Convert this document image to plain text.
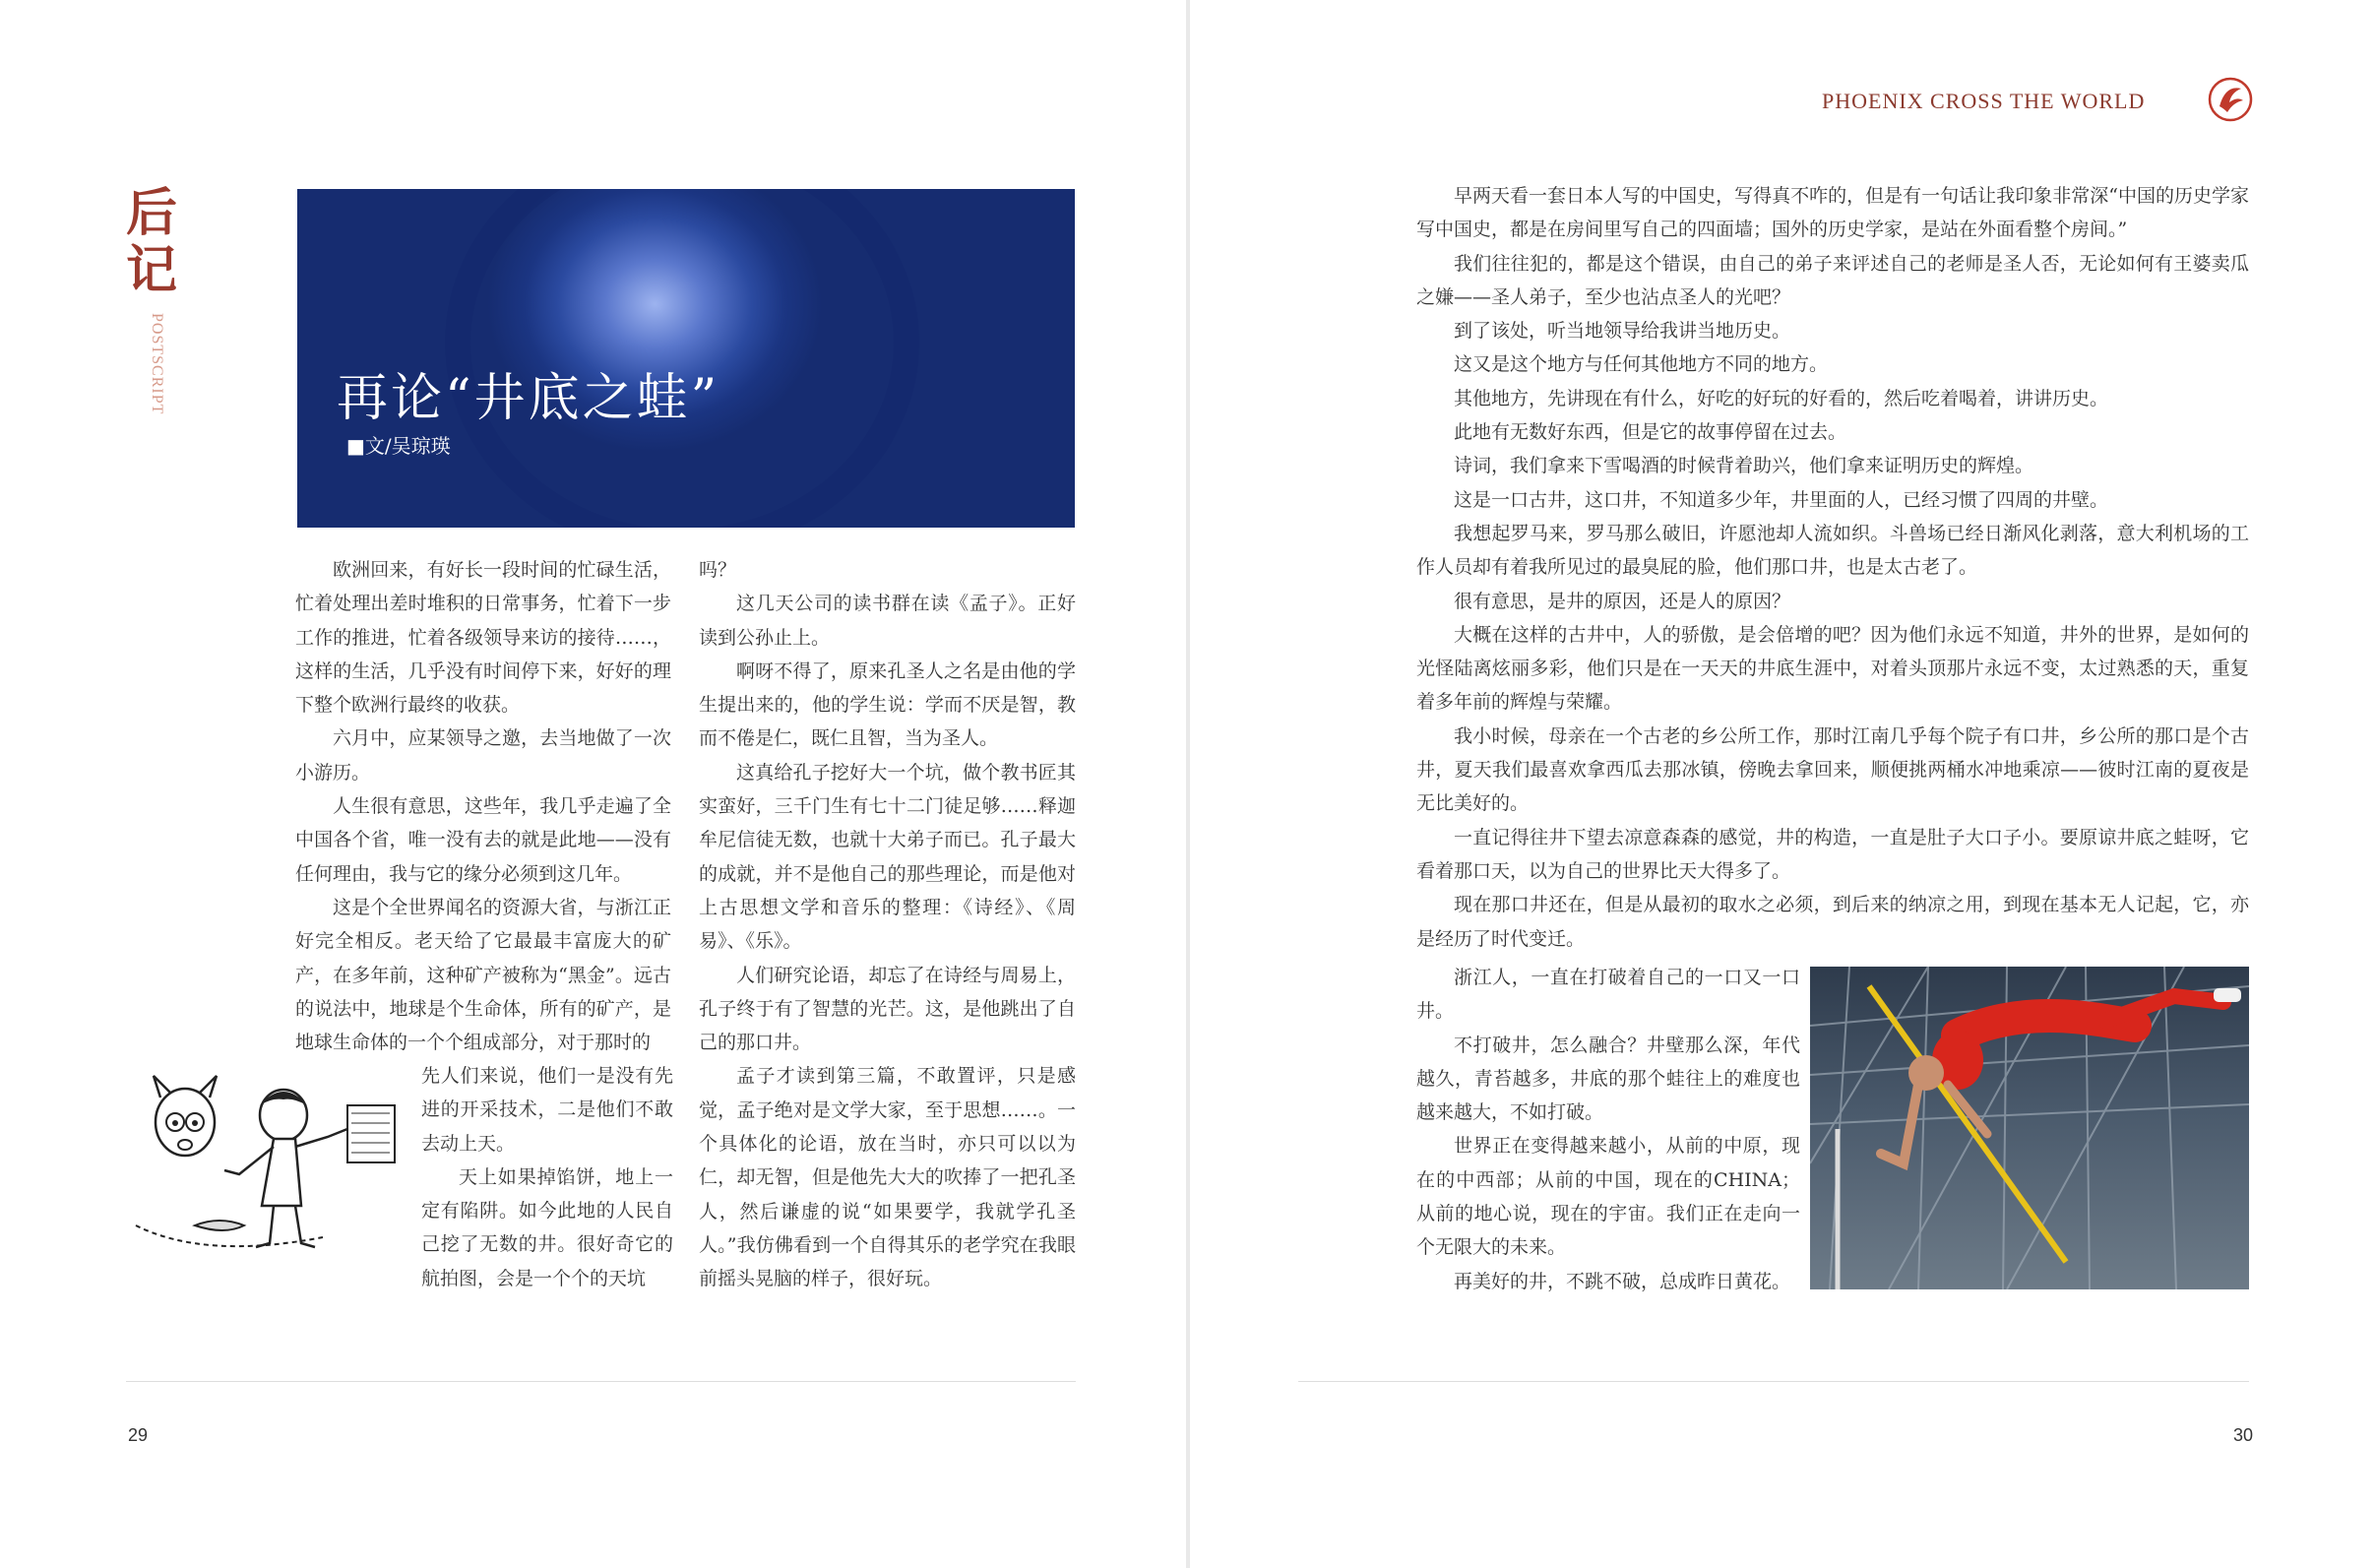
后
记
POSTSCRIPT	再论“井底之蛙”
■文/吴琼瑛

欧洲回来，有好长一段时间的忙碌生活，忙着处理出差时堆积的日常事务，忙着下一步工作的推进，忙着各级领导来访的接待……，这样的生活，几乎没有时间停下来，好好的理下整个欧洲行最终的收获。

六月中，应某领导之邀，去当地做了一次小游历。

人生很有意思，这些年，我几乎走遍了全中国各个省，唯一没有去的就是此地——没有任何理由，我与它的缘分必须到这几年。

这是个全世界闻名的资源大省，与浙江正好完全相反。老天给了它最最丰富庞大的矿产，在多年前，这种矿产被称为“黑金”。远古的说法中，地球是个生命体，所有的矿产，是地球生命体的一个个组成部分，对于那时的

先人们来说，他们一是没有先进的开采技术，二是他们不敢去动上天。

天上如果掉馅饼，地上一定有陷阱。如今此地的人民自己挖了无数的井。很好奇它的航拍图，会是一个个的天坑

吗？

这几天公司的读书群在读《孟子》。正好读到公孙止上。

啊呀不得了，原来孔圣人之名是由他的学生提出来的，他的学生说：学而不厌是智，教而不倦是仁，既仁且智，当为圣人。

这真给孔子挖好大一个坑，做个教书匠其实蛮好，三千门生有七十二门徒足够……释迦牟尼信徒无数，也就十大弟子而已。孔子最大的成就，并不是他自己的那些理论，而是他对上古思想文学和音乐的整理：《诗经》、《周易》、《乐》。

人们研究论语，却忘了在诗经与周易上，孔子终于有了智慧的光芒。这，是他跳出了自己的那口井。

孟子才读到第三篇，不敢置评，只是感觉，孟子绝对是文学大家，至于思想……。一个具体化的论语，放在当时，亦只可以以为仁，却无智，但是他先大大的吹捧了一把孔圣人，然后谦虚的说“如果要学，我就学孔圣人。”我仿佛看到一个自得其乐的老学究在我眼前摇头晃脑的样子，很好玩。

29
PHOENIX CROSS THE WORLD

早两天看一套日本人写的中国史，写得真不咋的，但是有一句话让我印象非常深“中国的历史学家写中国史，都是在房间里写自己的四面墙；国外的历史学家，是站在外面看整个房间。”

我们往往犯的，都是这个错误，由自己的弟子来评述自己的老师是圣人否，无论如何有王婆卖瓜之嫌——圣人弟子，至少也沾点圣人的光吧？

到了该处，听当地领导给我讲当地历史。

这又是这个地方与任何其他地方不同的地方。

其他地方，先讲现在有什么，好吃的好玩的好看的，然后吃着喝着，讲讲历史。

此地有无数好东西，但是它的故事停留在过去。

诗词，我们拿来下雪喝酒的时候背着助兴，他们拿来证明历史的辉煌。

这是一口古井，这口井，不知道多少年，井里面的人，已经习惯了四周的井壁。

我想起罗马来，罗马那么破旧，许愿池却人流如织。斗兽场已经日渐风化剥落，意大利机场的工作人员却有着我所见过的最臭屁的脸，他们那口井，也是太古老了。

很有意思，是井的原因，还是人的原因？

大概在这样的古井中，人的骄傲，是会倍增的吧？因为他们永远不知道，井外的世界，是如何的光怪陆离炫丽多彩，他们只是在一天天的井底生涯中，对着头顶那片永远不变，太过熟悉的天，重复着多年前的辉煌与荣耀。

我小时候，母亲在一个古老的乡公所工作，那时江南几乎每个院子有口井，乡公所的那口是个古井，夏天我们最喜欢拿西瓜去那冰镇，傍晚去拿回来，顺便挑两桶水冲地乘凉——彼时江南的夏夜是无比美好的。

一直记得往井下望去凉意森森的感觉，井的构造，一直是肚子大口子小。要原谅井底之蛙呀，它看着那口天，以为自己的世界比天大得多了。

现在那口井还在，但是从最初的取水之必须，到后来的纳凉之用，到现在基本无人记起，它，亦是经历了时代变迁。

浙江人，一直在打破着自己的一口又一口井。

不打破井，怎么融合？井壁那么深，年代越久，青苔越多，井底的那个蛙往上的难度也越来越大，不如打破。

世界正在变得越来越小，从前的中原，现在的中西部；从前的中国，现在的CHINA；从前的地心说，现在的宇宙。我们正在走向一个无限大的未来。

再美好的井，不跳不破，总成昨日黄花。

30
